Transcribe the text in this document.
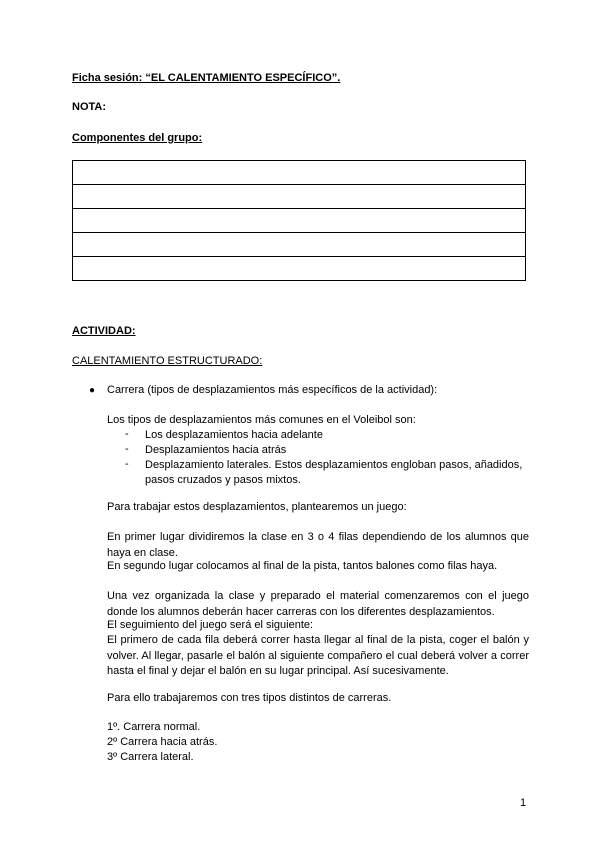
Ficha sesión: “EL CALENTAMIENTO ESPECÍFICO”.
NOTA:
Componentes del grupo:

ACTIVIDAD:
CALENTAMIENTO ESTRUCTURADO:
● Carrera (tipos de desplazamientos más específicos de la actividad):
Los tipos de desplazamientos más comunes en el Voleibol son:
- Los desplazamientos hacia adelante
- Desplazamientos hacia atrás
- Desplazamiento laterales. Estos desplazamientos engloban pasos, añadidos, pasos cruzados y pasos mixtos.
Para trabajar estos desplazamientos, plantearemos un juego:
En primer lugar dividiremos la clase en 3 o 4 filas dependiendo de los alumnos que haya en clase.
En segundo lugar colocamos al final de la pista, tantos balones como filas haya.
Una vez organizada la clase y preparado el material comenzaremos con el juego donde los alumnos deberán hacer carreras con los diferentes desplazamientos.
El seguimiento del juego será el siguiente:
El primero de cada fila deberá correr hasta llegar al final de la pista, coger el balón y volver. Al llegar, pasarle el balón al siguiente compañero el cual deberá volver a correr hasta el final y dejar el balón en su lugar principal. Así sucesivamente.
Para ello trabajaremos con tres tipos distintos de carreras.
1º. Carrera normal.
2º Carrera hacia atrás.
3º Carrera lateral.
1
